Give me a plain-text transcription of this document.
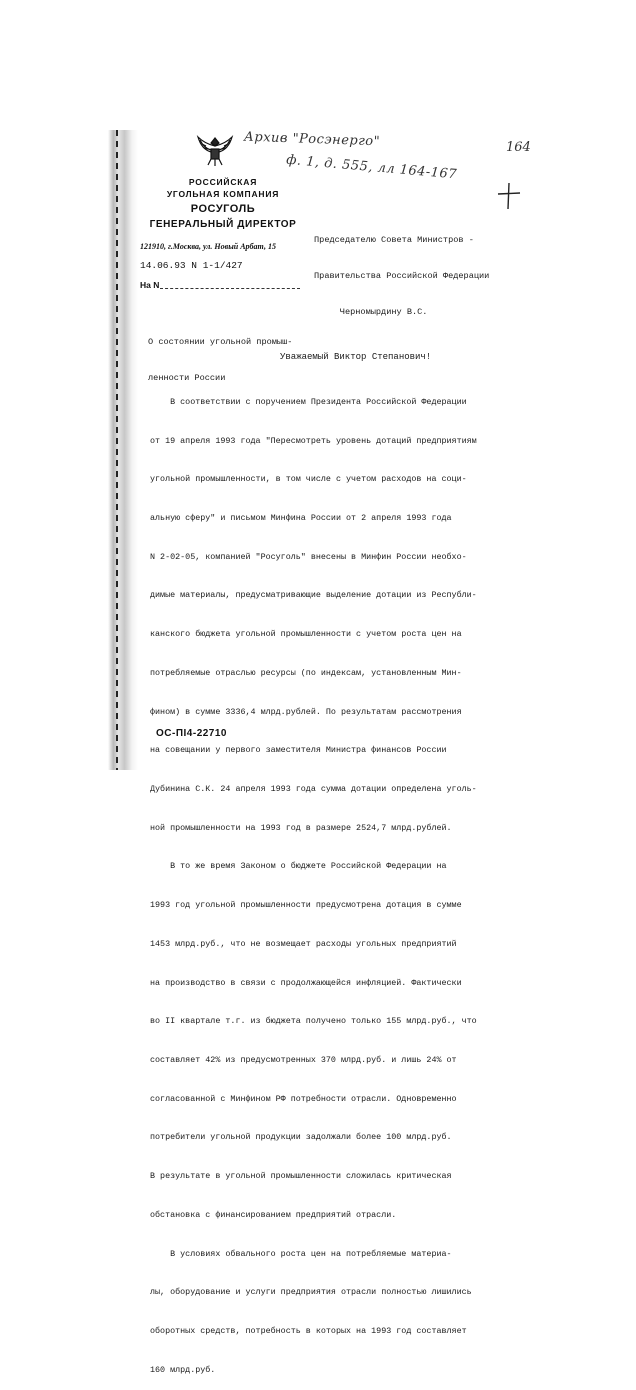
Архив "Росэнерго"
ф. 1, д. 555, лл 164-167
164
РОССИЙСКАЯ
УГОЛЬНАЯ КОМПАНИЯ
РОСУГОЛЬ
ГЕНЕРАЛЬНЫЙ ДИРЕКТОР
121910, г.Москва, ул. Новый Арбат, 15
14.06.93 N 1-1/427
На N

Председателю Совета Министров -

Правительства Российской Федерации

Черномырдину В.С.

О состоянии угольной промыш-

ленности России

Уважаемый Виктор Степанович!

В соответствии с поручением Президента Российской Федерации

от 19 апреля 1993 года "Пересмотреть уровень дотаций предприятиям

угольной промышленности, в том числе с учетом расходов на соци-

альную сферу" и письмом Минфина России от 2 апреля 1993 года

N 2-02-05, компанией "Росуголь" внесены в Минфин России необхо-

димые материалы, предусматривающие выделение дотации из Республи-

канского бюджета угольной промышленности с учетом роста цен на

потребляемые отраслью ресурсы (по индексам, установленным Мин-

фином) в сумме 3336,4 млрд.рублей. По результатам рассмотрения

на совещании у первого заместителя Министра финансов России

Дубинина С.К. 24 апреля 1993 года сумма дотации определена уголь-

ной промышленности на 1993 год в размере 2524,7 млрд.рублей.

В то же время Законом о бюджете Российской Федерации на

1993 год угольной промышленности предусмотрена дотация в сумме

1453 млрд.руб., что не возмещает расходы угольных предприятий

на производство в связи с продолжающейся инфляцией. Фактически

во II квартале т.г. из бюджета получено только 155 млрд.руб., что

составляет 42% из предусмотренных 370 млрд.руб. и лишь 24% от

согласованной с Минфином РФ потребности отрасли. Одновременно

потребители угольной продукции задолжали более 100 млрд.руб.

В результате в угольной промышленности сложилась критическая

обстановка с финансированием предприятий отрасли.

В условиях обвального роста цен на потребляемые материа-

лы, оборудование и услуги предприятия отрасли полностью лишились

оборотных средств, потребность в которых на 1993 год составляет

160 млрд.руб.

ОС-ПІ4-22710
